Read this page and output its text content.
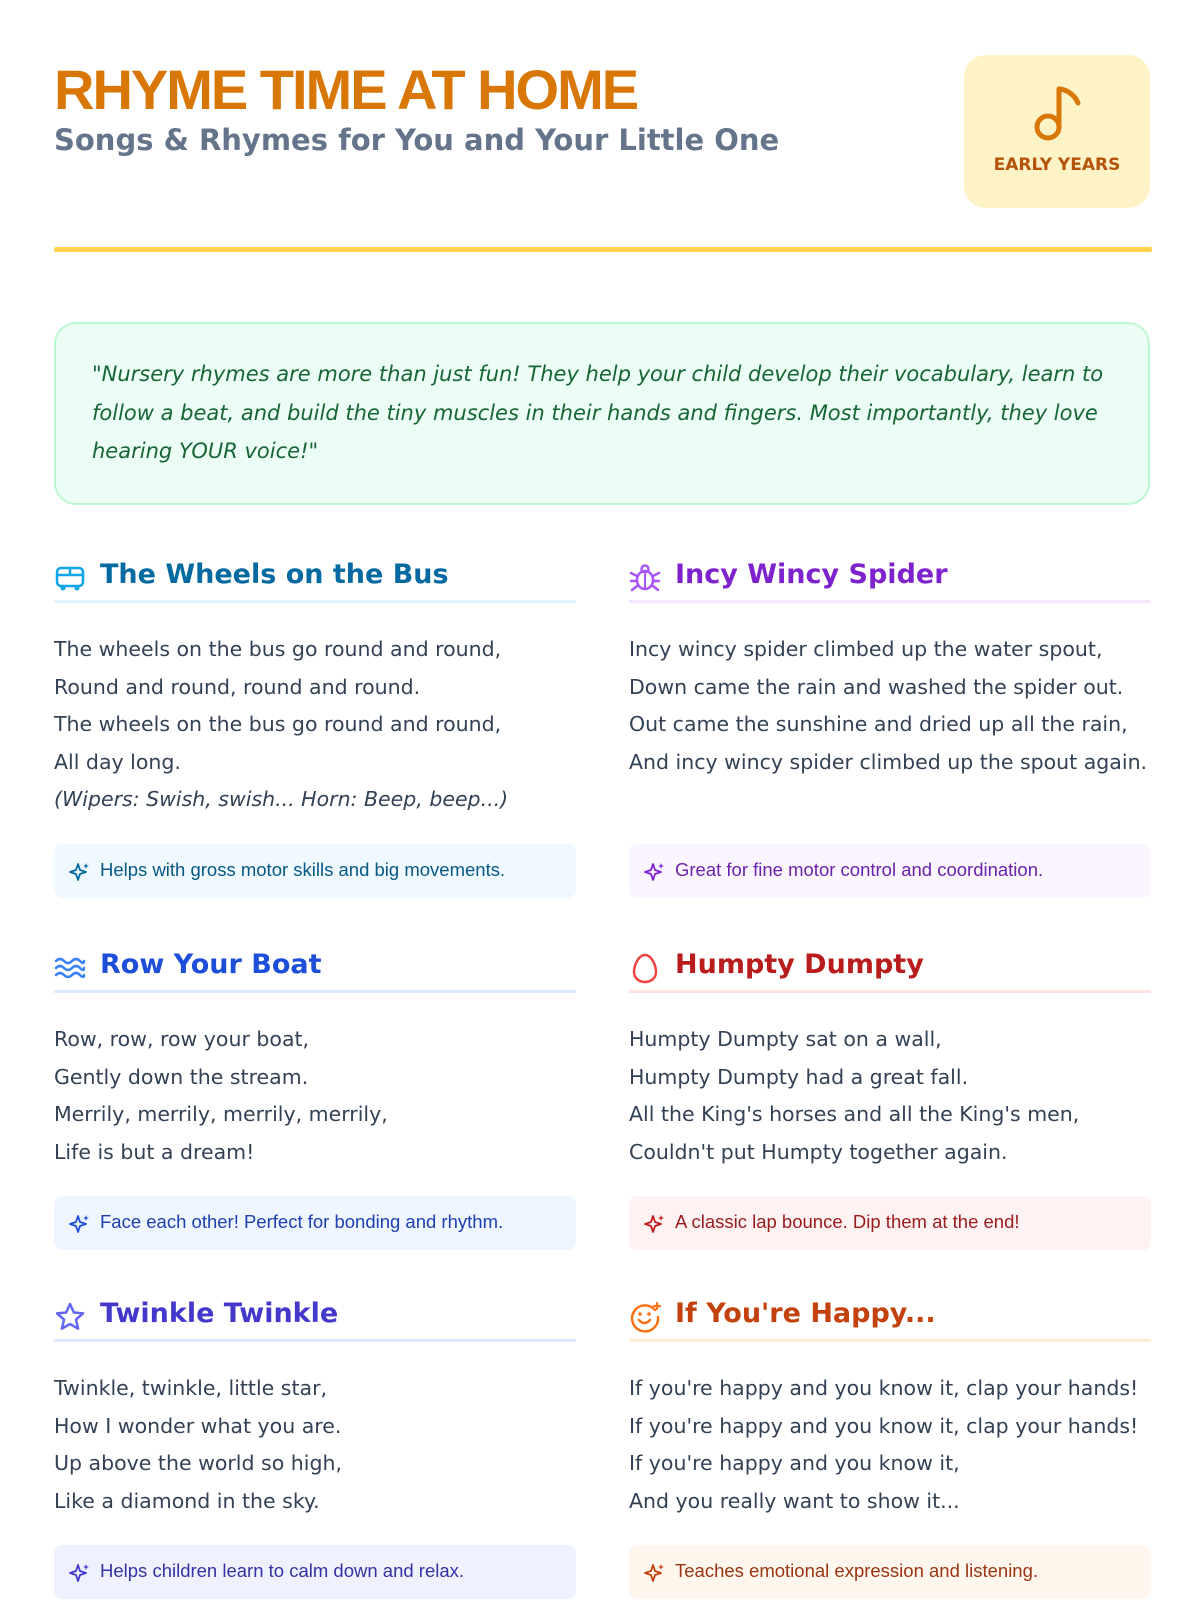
RHYME TIME AT HOME
Songs & Rhymes for You and Your Little One
EARLY YEARS

"Nursery rhymes are more than just fun! They help your child develop their vocabulary, learn to follow a beat, and build the tiny muscles in their hands and fingers. Most importantly, they love hearing YOUR voice!"

The Wheels on the Bus
The wheels on the bus go round and round,
Round and round, round and round.
The wheels on the bus go round and round,
All day long.
(Wipers: Swish, swish... Horn: Beep, beep...)
Helps with gross motor skills and big movements.
Incy Wincy Spider
Incy wincy spider climbed up the water spout,
Down came the rain and washed the spider out.
Out came the sunshine and dried up all the rain,
And incy wincy spider climbed up the spout again.
Great for fine motor control and coordination.
Row Your Boat
Row, row, row your boat,
Gently down the stream.
Merrily, merrily, merrily, merrily,
Life is but a dream!
Face each other! Perfect for bonding and rhythm.
Humpty Dumpty
Humpty Dumpty sat on a wall,
Humpty Dumpty had a great fall.
All the King's horses and all the King's men,
Couldn't put Humpty together again.
A classic lap bounce. Dip them at the end!
Twinkle Twinkle
Twinkle, twinkle, little star,
How I wonder what you are.
Up above the world so high,
Like a diamond in the sky.
Helps children learn to calm down and relax.
If You're Happy...
If you're happy and you know it, clap your hands!
If you're happy and you know it, clap your hands!
If you're happy and you know it,
And you really want to show it...
Teaches emotional expression and listening.
